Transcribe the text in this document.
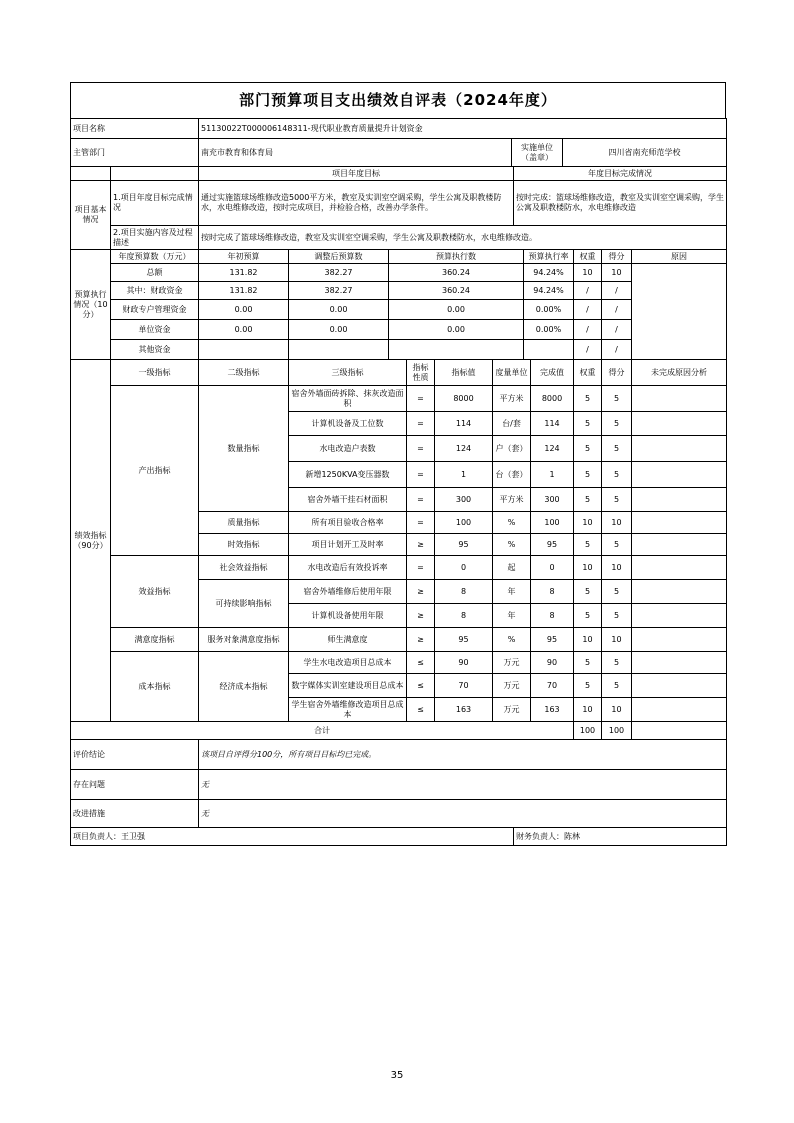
部门预算项目支出绩效自评表（2024年度）
项目名称	51130022T000006148311-现代职业教育质量提升计划资金		
主管部门	南充市教育和体育局	实施单位（盖章）	四川省南充师范学校
		项目年度目标	年度目标完成情况
项目基本情况	1.项目年度目标完成情况	通过实施篮球场维修改造5000平方米，教室及实训室空调采购，学生公寓及职教楼防水，水电维修改造，按时完成项目，并检验合格，改善办学条件。	按时完成：篮球场维修改造，教室及实训室空调采购，学生公寓及职教楼防水，水电维修改造
	2.项目实施内容及过程描述	按时完成了篮球场维修改造，教室及实训室空调采购，学生公寓及职教楼防水，水电维修改造。	
预算执行情况（10分）	年度预算数（万元）	年初预算	调整后预算数	预算执行数	预算执行率	权重	得分	原因
	总额	131.82	382.27	360.24	94.24%	10	10	
	其中：财政资金	131.82	382.27	360.24	94.24%	/	/	
	财政专户管理资金	0.00	0.00	0.00	0.00%	/	/	
	单位资金	0.00	0.00	0.00	0.00%	/	/	
	其他资金					/	/	
绩效指标（90分）	一级指标	二级指标	三级指标	指标性质	指标值	度量单位	完成值	权重	得分	未完成原因分析
	产出指标	数量指标	宿舍外墙面砖拆除、抹灰改造面积	=	8000	平方米	8000	5	5	
			计算机设备及工位数	=	114	台/套	114	5	5	
			水电改造户表数	=	124	户（套）	124	5	5	
			新增1250KVA变压器数	=	1	台（套）	1	5	5	
			宿舍外墙干挂石材面积	=	300	平方米	300	5	5	
		质量指标	所有项目验收合格率	=	100	%	100	10	10	
		时效指标	项目计划开工及时率	≥	95	%	95	5	5	
	效益指标	社会效益指标	水电改造后有效投诉率	=	0	起	0	10	10	
		可持续影响指标	宿舍外墙维修后使用年限	≥	8	年	8	5	5	
			计算机设备使用年限	≥	8	年	8	5	5	
	满意度指标	服务对象满意度指标	师生满意度	≥	95	%	95	10	10	
	成本指标	经济成本指标	学生水电改造项目总成本	≤	90	万元	90	5	5	
			数字媒体实训室建设项目总成本	≤	70	万元	70	5	5	
			学生宿舍外墙维修改造项目总成本	≤	163	万元	163	10	10	
合计								100	100	
评价结论	该项目自评得分100分，所有项目目标均已完成。
存在问题	无
改进措施	无
项目负责人：王卫强	财务负责人：陈林
35
